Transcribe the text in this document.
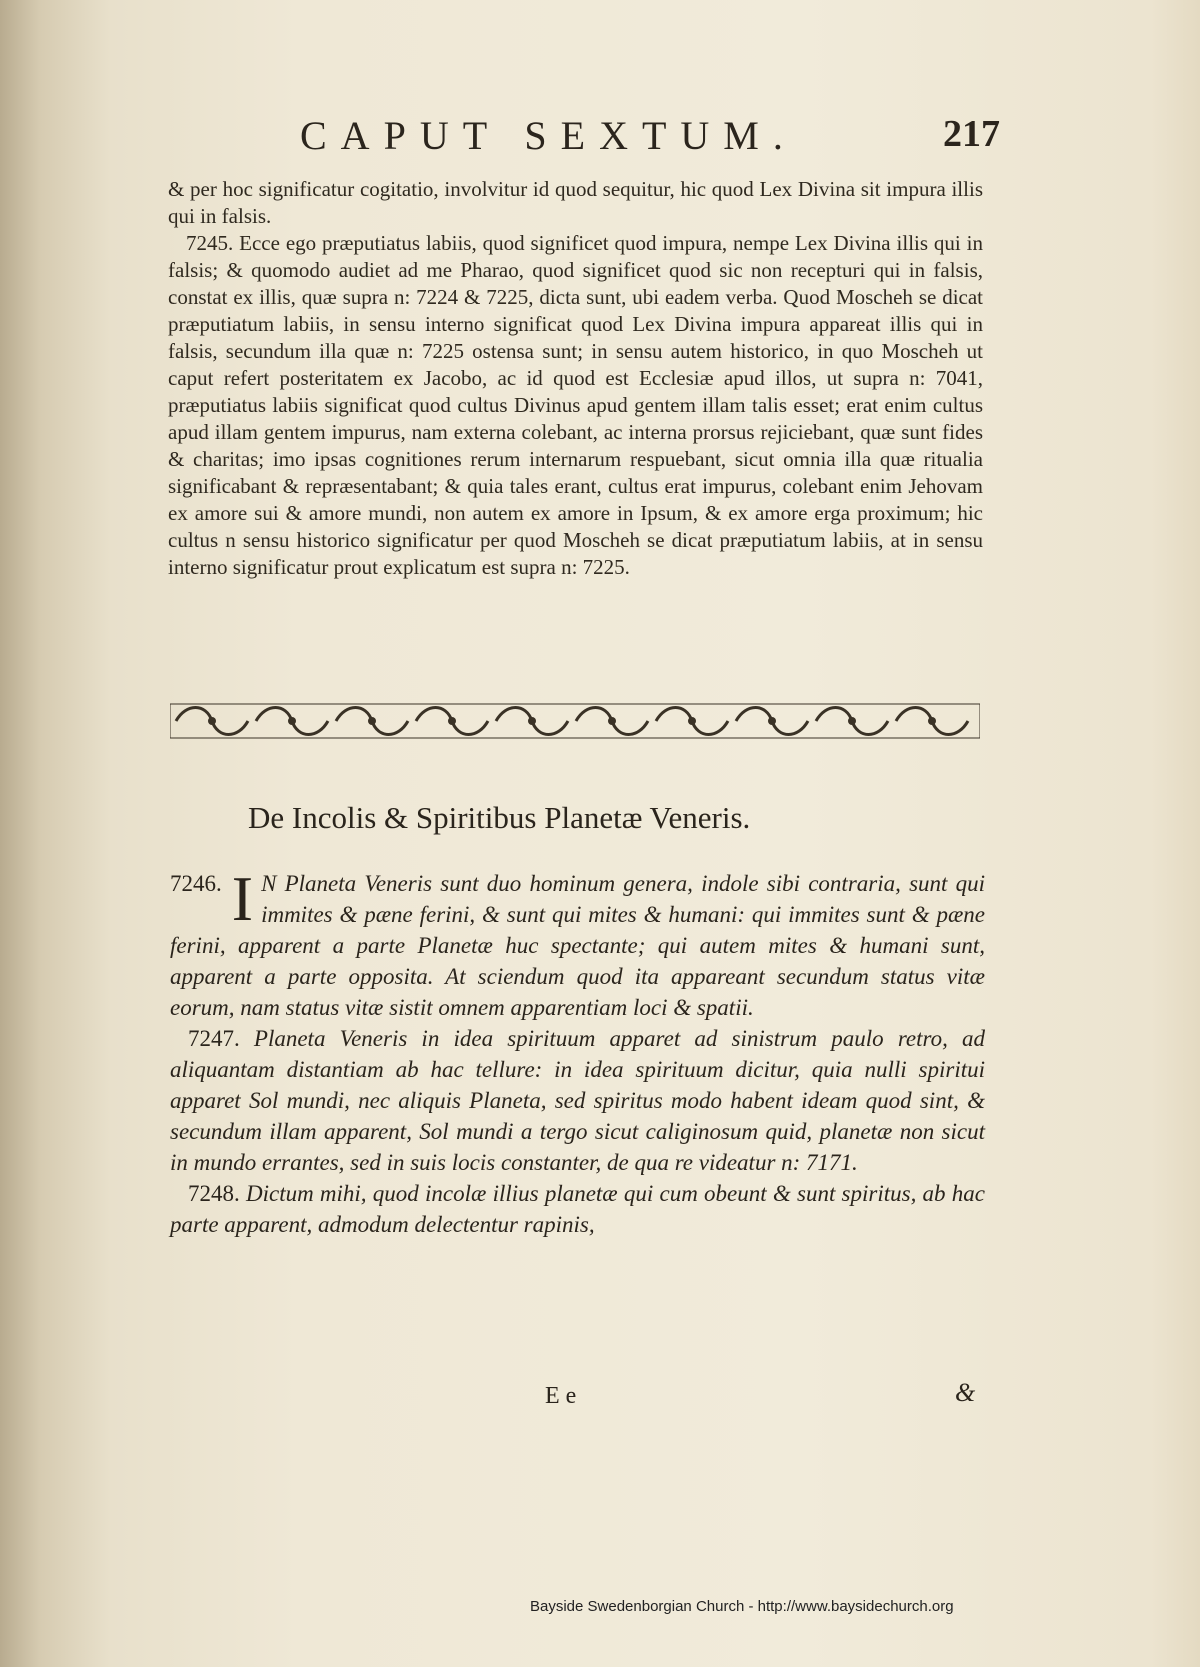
CAPUT SEXTUM.	217

& per hoc significatur cogitatio, involvitur id quod sequitur, hic quod Lex Divina sit impura illis qui in falsis.

7245. Ecce ego præputiatus labiis, quod significet quod impura, nempe Lex Divina illis qui in falsis; & quomodo audiet ad me Pharao, quod significet quod sic non recepturi qui in falsis, constat ex illis, quæ supra n: 7224 & 7225, dicta sunt, ubi eadem verba. Quod Moscheh se dicat præputiatum labiis, in sensu interno significat quod Lex Divina impura appareat illis qui in falsis, secundum illa quæ n: 7225 ostensa sunt; in sensu autem historico, in quo Moscheh ut caput refert posteritatem ex Jacobo, ac id quod est Ecclesiæ apud illos, ut supra n: 7041, præputiatus labiis significat quod cultus Divinus apud gentem illam talis esset; erat enim cultus apud illam gentem impurus, nam externa colebant, ac interna prorsus rejiciebant, quæ sunt fides & charitas; imo ipsas cognitiones rerum internarum respuebant, sicut omnia illa quæ ritualia significabant & repræsentabant; & quia tales erant, cultus erat impurus, colebant enim Jehovam ex amore sui & amore mundi, non autem ex amore in Ipsum, & ex amore erga proximum; hic cultus n sensu historico significatur per quod Moscheh se dicat præputiatum labiis, at in sensu interno significatur prout explicatum est supra n: 7225.

De Incolis & Spiritibus Planetæ Veneris.

7246. I N Planeta Veneris sunt duo hominum genera, indole sibi contraria, sunt qui immites & pæne ferini, & sunt qui mites & humani: qui immites sunt & pæne ferini, apparent a parte Planetæ huc spectante; qui autem mites & humani sunt, apparent a parte opposita. At sciendum quod ita appareant secundum status vitæ eorum, nam status vitæ sistit omnem apparentiam loci & spatii.

7247. Planeta Veneris in idea spirituum apparet ad sinistrum paulo retro, ad aliquantam distantiam ab hac tellure: in idea spirituum dicitur, quia nulli spiritui apparet Sol mundi, nec aliquis Planeta, sed spiritus modo habent ideam quod sint, & secundum illam apparent, Sol mundi a tergo sicut caliginosum quid, planetæ non sicut in mundo errantes, sed in suis locis constanter, de qua re videatur n: 7171.

7248. Dictum mihi, quod incolæ illius planetæ qui cum obeunt & sunt spiritus, ab hac parte apparent, admodum delectentur rapinis,

E e	&
Bayside Swedenborgian Church - http://www.baysidechurch.org
